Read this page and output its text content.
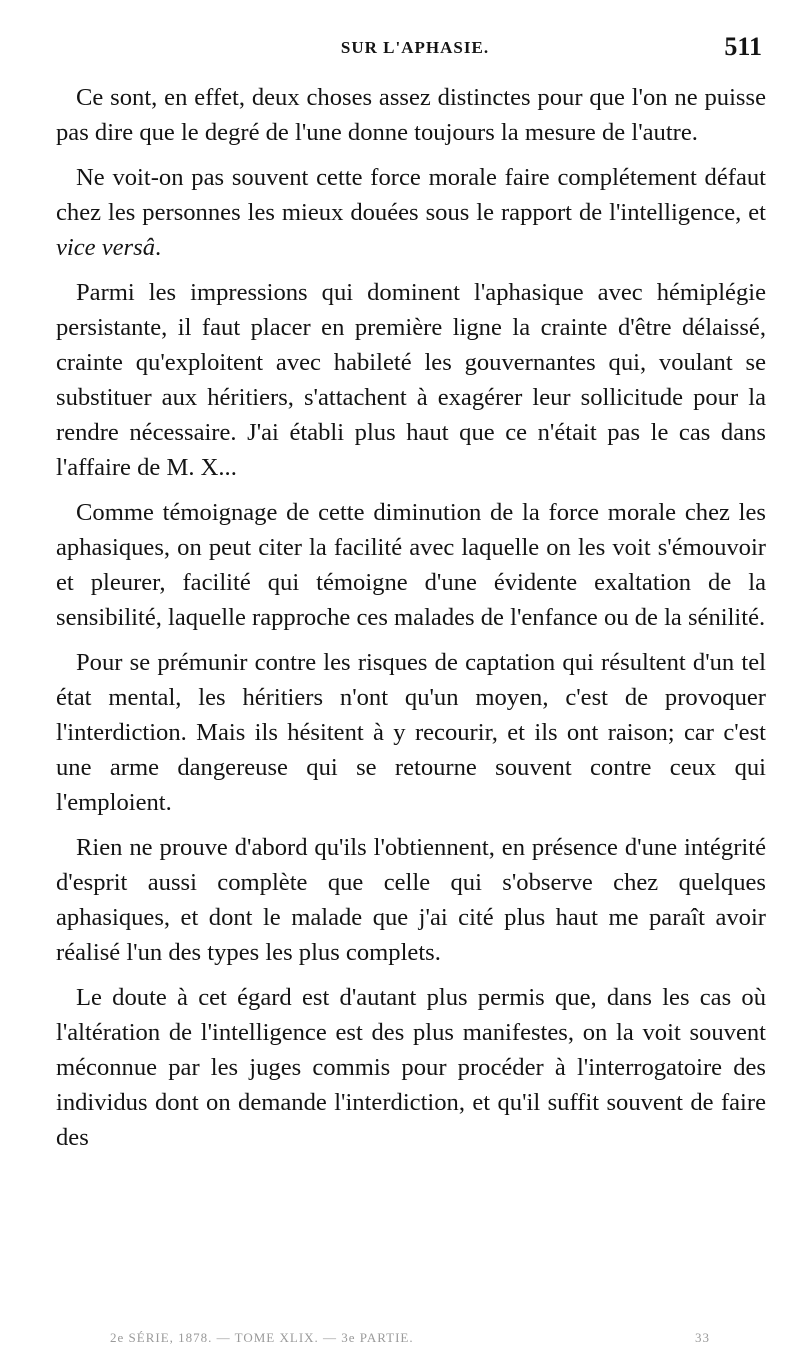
SUR L'APHASIE.	511

Ce sont, en effet, deux choses assez distinctes pour que l'on ne puisse pas dire que le degré de l'une donne toujours la mesure de l'autre.

Ne voit-on pas souvent cette force morale faire complétement défaut chez les personnes les mieux douées sous le rapport de l'intelligence, et vice versâ.

Parmi les impressions qui dominent l'aphasique avec hémiplégie persistante, il faut placer en première ligne la crainte d'être délaissé, crainte qu'exploitent avec habileté les gouvernantes qui, voulant se substituer aux héritiers, s'attachent à exagérer leur sollicitude pour la rendre nécessaire. J'ai établi plus haut que ce n'était pas le cas dans l'affaire de M. X...

Comme témoignage de cette diminution de la force morale chez les aphasiques, on peut citer la facilité avec laquelle on les voit s'émouvoir et pleurer, facilité qui témoigne d'une évidente exaltation de la sensibilité, laquelle rapproche ces malades de l'enfance ou de la sénilité.

Pour se prémunir contre les risques de captation qui résultent d'un tel état mental, les héritiers n'ont qu'un moyen, c'est de provoquer l'interdiction. Mais ils hésitent à y recourir, et ils ont raison; car c'est une arme dangereuse qui se retourne souvent contre ceux qui l'emploient.

Rien ne prouve d'abord qu'ils l'obtiennent, en présence d'une intégrité d'esprit aussi complète que celle qui s'observe chez quelques aphasiques, et dont le malade que j'ai cité plus haut me paraît avoir réalisé l'un des types les plus complets.

Le doute à cet égard est d'autant plus permis que, dans les cas où l'altération de l'intelligence est des plus manifestes, on la voit souvent méconnue par les juges commis pour procéder à l'interrogatoire des individus dont on demande l'interdiction, et qu'il suffit souvent de faire des

2e SÉRIE, 1878. — TOME XLIX. — 3e PARTIE.	33
